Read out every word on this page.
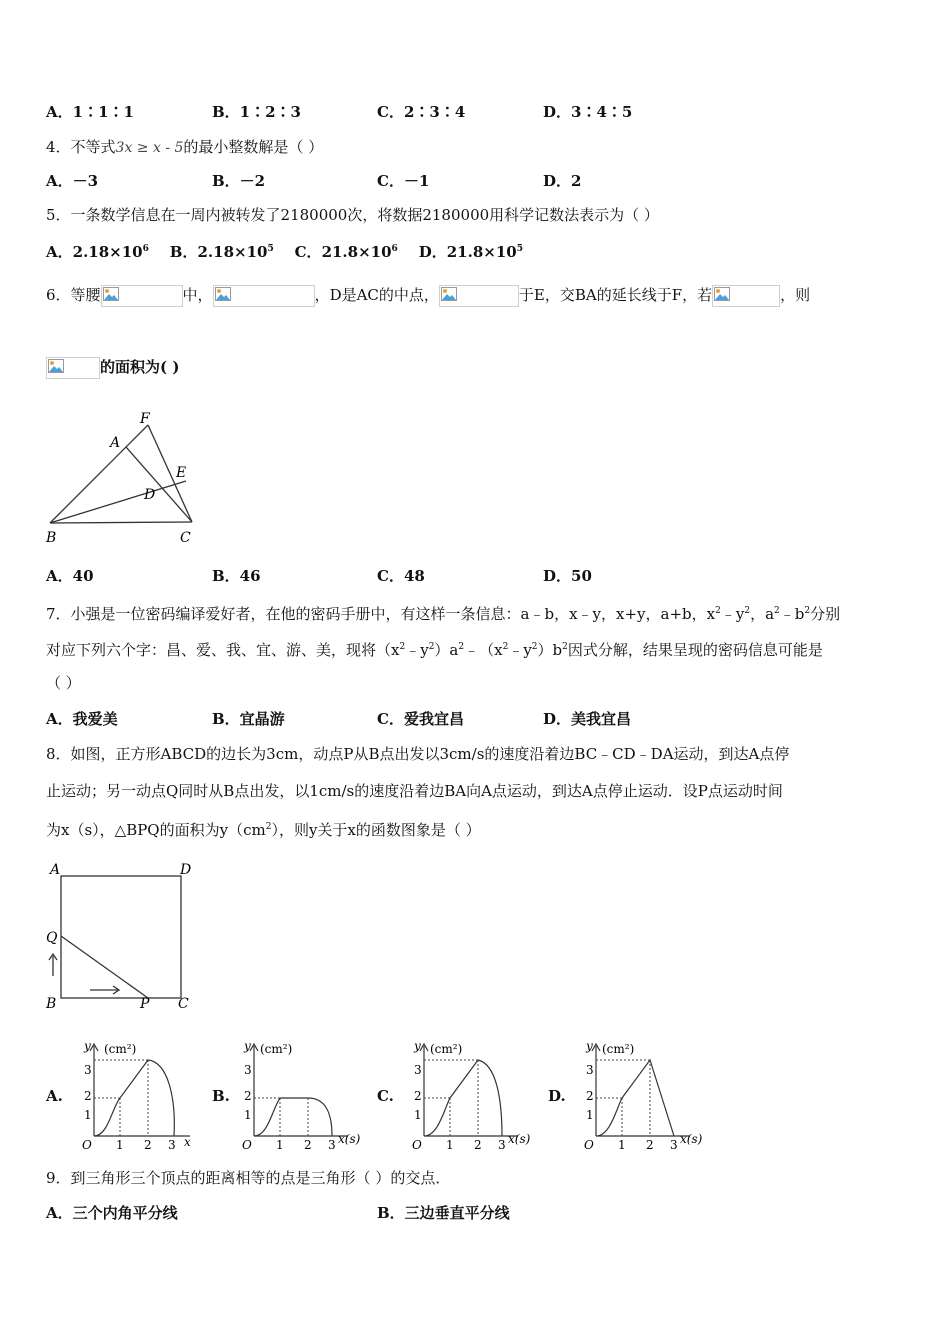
A．1∶1∶1	B．1∶2∶3	C．2∶3∶4	D．3∶4∶5
4．不等式3x ≥ x - 5的最小整数解是（ ）
A．－3	B．－2	C．－1	D．2
5．一条数学信息在一周内被转发了2180000次，将数据2180000用科学记数法表示为（ ）
A．$2.18\times 10^6$ B．$2.18\times 10^5$ C．$21.8\times 10^6$ D．$21.8\times 10^5$
6．等腰	中，	，D是AC的中点，	于E，交BA的延长线于F，若	，则
的面积为( )
F
A
E
D
B	C
A．40	B．46	C．48	D．50
7．小强是一位密码编译爱好者，在他的密码手册中，有这样一条信息：a﹣b，x﹣y，x+y，a+b，$x^2﹣y^2$，$a^2﹣b^2$分别
对应下列六个字：昌、爱、我、宜、游、美，现将$(x^2﹣y^2)a^2﹣(x^2﹣y^2)b^2$因式分解，结果呈现的密码信息可能是
（ ）
A．我爱美	B．宜晶游	C．爱我宜昌	D．美我宜昌
8．如图，正方形ABCD的边长为3cm，动点P从B点出发以3cm/s的速度沿着边BC﹣CD﹣DA运动，到达A点停
止运动；另一动点Q同时从B点出发，以1cm/s的速度沿着边BA向A点运动，到达A点停止运动．设P点运动时间
为x（s），△BPQ的面积为$y(cm^2)$，则y关于x的函数图象是（ ）
A	D
Q
B	P C
A.	B.	C.	D.
y (cm²)
3
2
1
O 1 2 3 x
y (cm²)
3
2
1
O 1 2 3 x(s)
y (cm²)
3
2
1
O 1 2 3 x(s)
y (cm²)
3
2
1
O 1 2 3 x(s)
9．到三角形三个顶点的距离相等的点是三角形（ ）的交点．
A．三个内角平分线	B．三边垂直平分线
